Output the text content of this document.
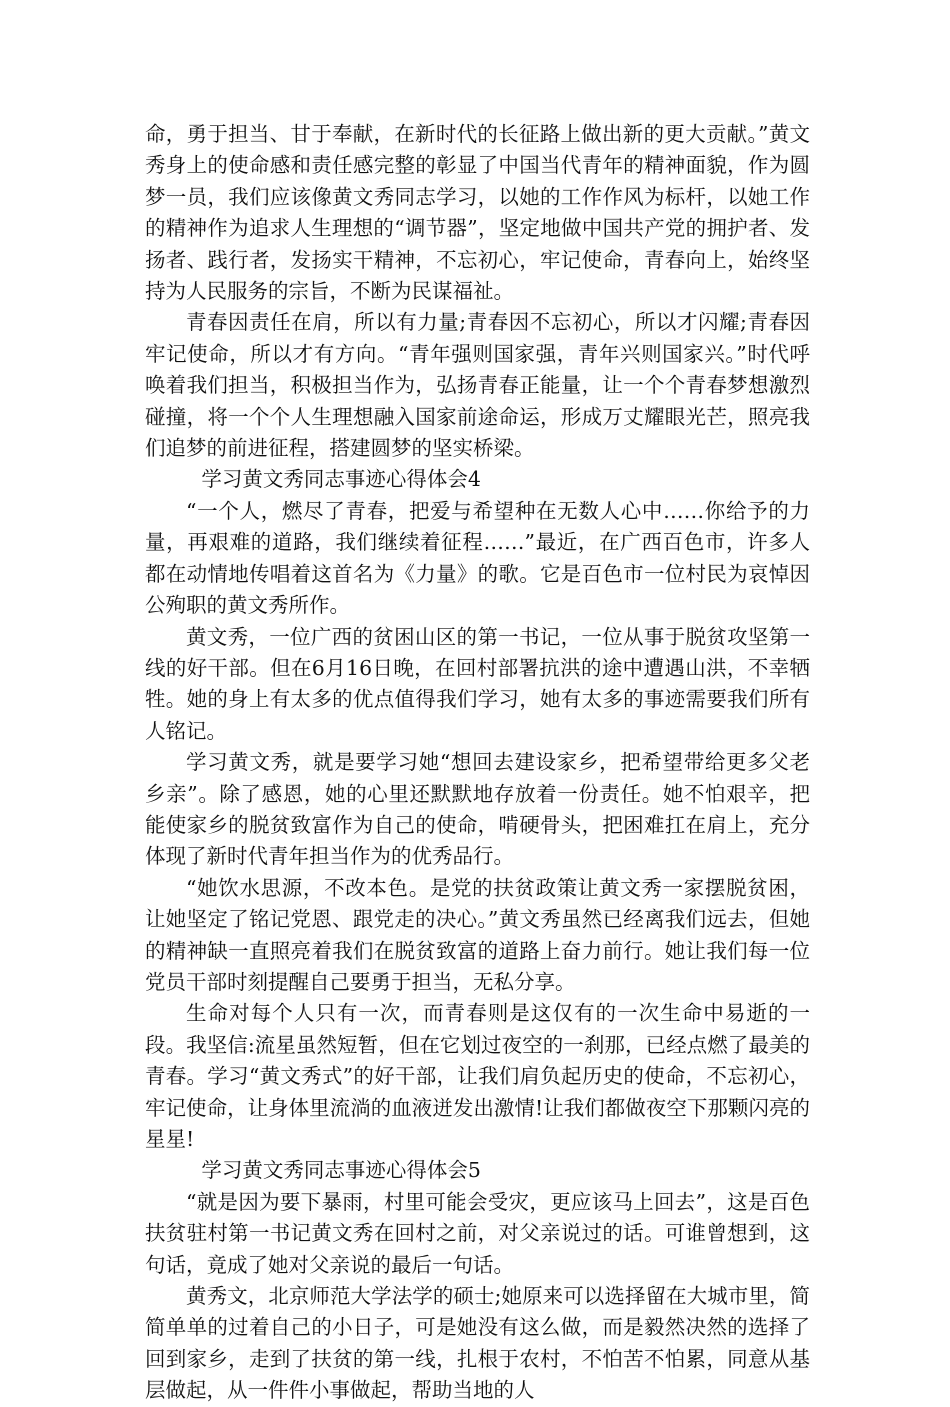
命，勇于担当、甘于奉献，在新时代的长征路上做出新的更大贡献。”黄文秀身上的使命感和责任感完整的彰显了中国当代青年的精神面貌，作为圆梦一员，我们应该像黄文秀同志学习，以她的工作作风为标杆，以她工作的精神作为追求人生理想的“调节器”，坚定地做中国共产党的拥护者、发扬者、践行者，发扬实干精神，不忘初心，牢记使命，青春向上，始终坚持为人民服务的宗旨，不断为民谋福祉。

青春因责任在肩，所以有力量;青春因不忘初心，所以才闪耀;青春因牢记使命，所以才有方向。“青年强则国家强，青年兴则国家兴。”时代呼唤着我们担当，积极担当作为，弘扬青春正能量，让一个个青春梦想激烈碰撞，将一个个人生理想融入国家前途命运，形成万丈耀眼光芒，照亮我们追梦的前进征程，搭建圆梦的坚实桥梁。

学习黄文秀同志事迹心得体会4

“一个人，燃尽了青春，把爱与希望种在无数人心中……你给予的力量，再艰难的道路，我们继续着征程……”最近，在广西百色市，许多人都在动情地传唱着这首名为《力量》的歌。它是百色市一位村民为哀悼因公殉职的黄文秀所作。

黄文秀，一位广西的贫困山区的第一书记，一位从事于脱贫攻坚第一线的好干部。但在6月16日晚，在回村部署抗洪的途中遭遇山洪，不幸牺牲。她的身上有太多的优点值得我们学习，她有太多的事迹需要我们所有人铭记。

学习黄文秀，就是要学习她“想回去建设家乡，把希望带给更多父老乡亲”。除了感恩，她的心里还默默地存放着一份责任。她不怕艰辛，把能使家乡的脱贫致富作为自己的使命，啃硬骨头，把困难扛在肩上，充分体现了新时代青年担当作为的优秀品行。

“她饮水思源，不改本色。是党的扶贫政策让黄文秀一家摆脱贫困，让她坚定了铭记党恩、跟党走的决心。”黄文秀虽然已经离我们远去，但她的精神缺一直照亮着我们在脱贫致富的道路上奋力前行。她让我们每一位党员干部时刻提醒自己要勇于担当，无私分享。

生命对每个人只有一次，而青春则是这仅有的一次生命中易逝的一段。我坚信:流星虽然短暂，但在它划过夜空的一刹那，已经点燃了最美的青春。学习“黄文秀式”的好干部，让我们肩负起历史的使命，不忘初心，牢记使命，让身体里流淌的血液迸发出激情!让我们都做夜空下那颗闪亮的星星!

学习黄文秀同志事迹心得体会5

“就是因为要下暴雨，村里可能会受灾，更应该马上回去”，这是百色扶贫驻村第一书记黄文秀在回村之前，对父亲说过的话。可谁曾想到，这句话，竟成了她对父亲说的最后一句话。

黄秀文，北京师范大学法学的硕士;她原来可以选择留在大城市里，简简单单的过着自己的小日子，可是她没有这么做，而是毅然决然的选择了回到家乡，走到了扶贫的第一线，扎根于农村，不怕苦不怕累，同意从基层做起，从一件件小事做起，帮助当地的人
